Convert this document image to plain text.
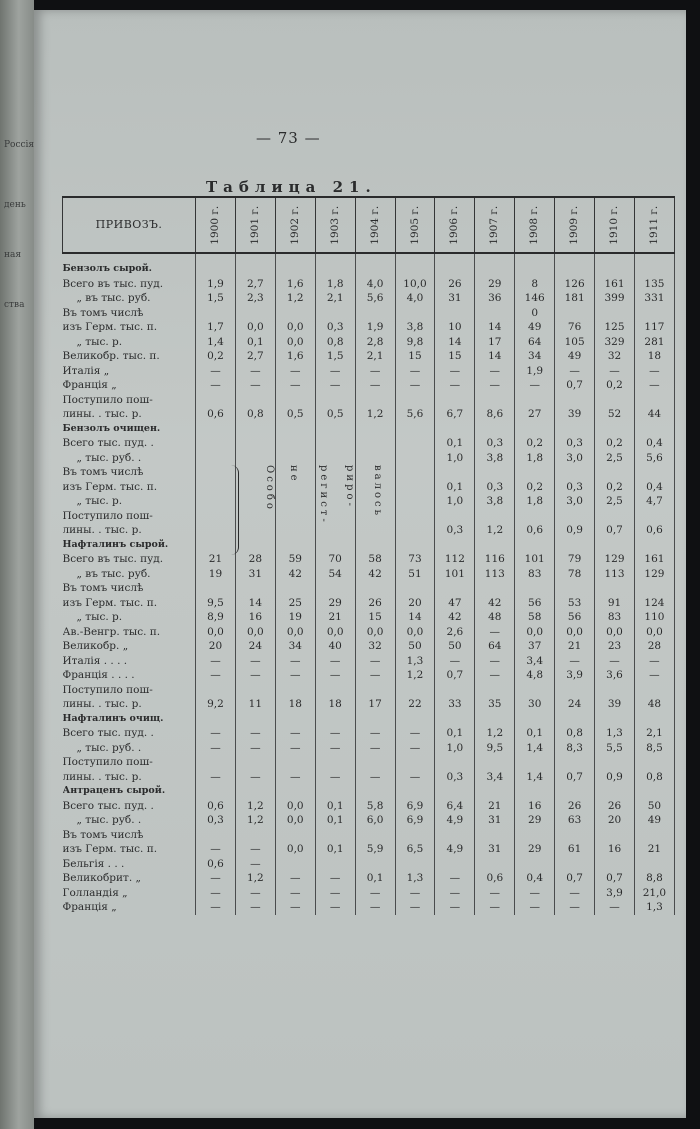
Россія
день
ная
ства
— 73 —
Таблица 21.
ПРИВОЗЪ.	1900 г.	1901 г.	1902 г.	1903 г.	1904 г.	1905 г.	1906 г.	1907 г.	1908 г.	1909 г.	1910 г.	1911 г.
Бензолъ сырой.												
Всего въ тыс. пуд.	1,9	2,7	1,6	1,8	4,0	10,0	26	29	8	126	161	135
„ въ тыс. руб.	1,5	2,3	1,2	2,1	5,6	4,0	31	36	146	181	399	331
Въ томъ числѣ									0			
изъ Герм. тыс. п.	1,7	0,0	0,0	0,3	1,9	3,8	10	14	49	76	125	117
„ тыс. р.	1,4	0,1	0,0	0,8	2,8	9,8	14	17	64	105	329	281
Великобр. тыс. п.	0,2	2,7	1,6	1,5	2,1	15	15	14	34	49	32	18
Италія „	—	—	—	—	—	—	—	—	1,9	—	—	—
Франція „	—	—	—	—	—	—	—	—	—	0,7	0,2	—
Поступило пош-												
лины. . тыс. р.	0,6	0,8	0,5	0,5	1,2	5,6	6,7	8,6	27	39	52	44
Бензолъ очищен.												
Всего тыс. пуд. .							0,1	0,3	0,2	0,3	0,2	0,4
„ тыс. руб. .							1,0	3,8	1,8	3,0	2,5	5,6
Въ томъ числѣ												
изъ Герм. тыс. п.							0,1	0,3	0,2	0,3	0,2	0,4
„ тыс. р.							1,0	3,8	1,8	3,0	2,5	4,7
Поступило пош-												
лины. . тыс. р.							0,3	1,2	0,6	0,9	0,7	0,6
Нафталинъ сырой.												
Всего въ тыс. пуд.	21	28	59	70	58	73	112	116	101	79	129	161
„ въ тыс. руб.	19	31	42	54	42	51	101	113	83	78	113	129
Въ томъ числѣ												
изъ Герм. тыс. п.	9,5	14	25	29	26	20	47	42	56	53	91	124
„ тыс. р.	8,9	16	19	21	15	14	42	48	58	56	83	110
Ав.-Венгр. тыс. п.	0,0	0,0	0,0	0,0	0,0	0,0	2,6	—	0,0	0,0	0,0	0,0
Великобр. „	20	24	34	40	32	50	50	64	37	21	23	28
Италія . . . .	—	—	—	—	—	1,3	—	—	3,4	—	—	—
Франція . . . .	—	—	—	—	—	1,2	0,7	—	4,8	3,9	3,6	—
Поступило пош-												
лины. . тыс. р.	9,2	11	18	18	17	22	33	35	30	24	39	48
Нафталинъ очищ.												
Всего тыс. пуд. .	—	—	—	—	—	—	0,1	1,2	0,1	0,8	1,3	2,1
„ тыс. руб. .	—	—	—	—	—	—	1,0	9,5	1,4	8,3	5,5	8,5
Поступило пош-												
лины. . тыс. р.	—	—	—	—	—	—	0,3	3,4	1,4	0,7	0,9	0,8
Антраценъ сырой.												
Всего тыс. пуд. .	0,6	1,2	0,0	0,1	5,8	6,9	6,4	21	16	26	26	50
„ тыс. руб. .	0,3	1,2	0,0	0,1	6,0	6,9	4,9	31	29	63	20	49
Въ томъ числѣ												
изъ Герм. тыс. п.	—	—	0,0	0,1	5,9	6,5	4,9	31	29	61	16	21
Бельгія . . .	0,6	—										
Великобрит. „	—	1,2	—	—	0,1	1,3	—	0,6	0,4	0,7	0,7	8,8
Голландія „	—	—	—	—	—	—	—	—	—	—	3,9	21,0
Франція „	—	—	—	—	—	—	—	—	—	—	—	1,3
Особо не регист- риро- валось
